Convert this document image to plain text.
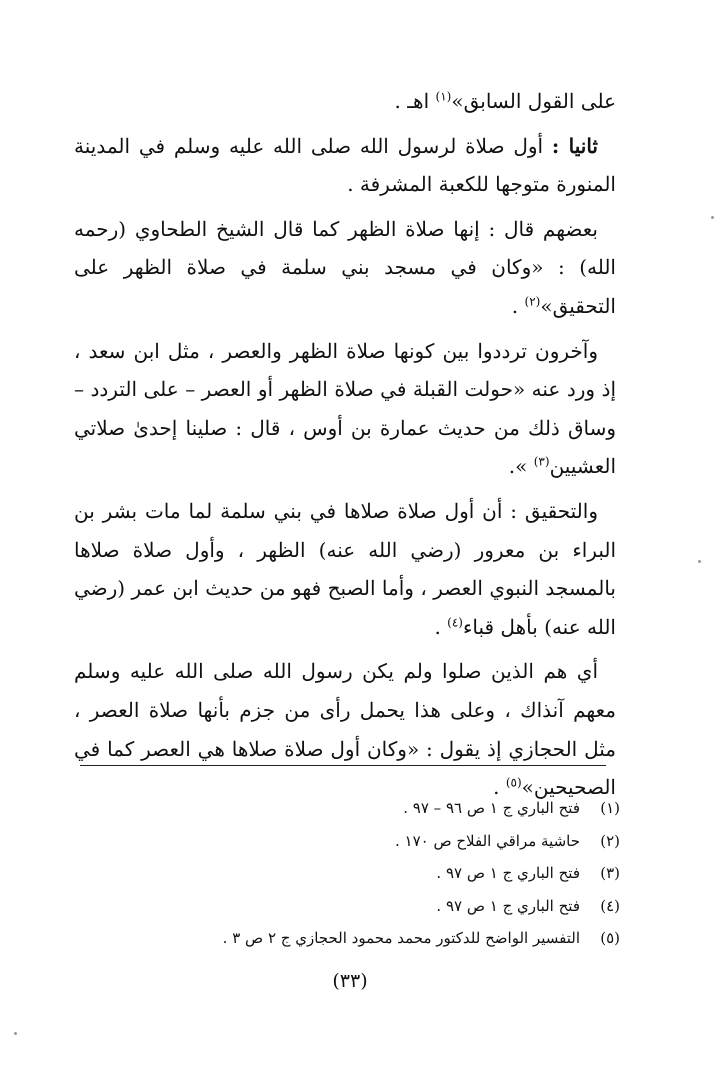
على القول السابق»$^{(١)}$ اهـ .

ثانيا : أول صلاة لرسول الله صلى الله عليه وسلم في المدينة المنورة متوجها للكعبة المشرفة .

بعضهم قال : إنها صلاة الظهر كما قال الشيخ الطحاوي (رحمه الله) : «وكان في مسجد بني سلمة في صلاة الظهر على التحقيق»$^{(٢)}$ .

وآخرون ترددوا بين كونها صلاة الظهر والعصر ، مثل ابن سعد ، إذ ورد عنه «حولت القبلة في صلاة الظهر أو العصر – على التردد – وساق ذلك من حديث عمارة بن أوس ، قال : صلينا إحدىٰ صلاتي العشيين$^{(٣)}$ ».

والتحقيق : أن أول صلاة صلاها في بني سلمة لما مات بشر بن البراء بن معرور (رضي الله عنه) الظهر ، وأول صلاة صلاها بالمسجد النبوي العصر ، وأما الصبح فهو من حديث ابن عمر (رضي الله عنه) بأهل قباء$^{(٤)}$ .

أي هم الذين صلوا ولم يكن رسول الله صلى الله عليه وسلم معهم آنذاك ، وعلى هذا يحمل رأى من جزم بأنها صلاة العصر ، مثل الحجازي إذ يقول : «وكان أول صلاة صلاها هي العصر كما في الصحيحين»$^{(٥)}$ .

(١)فتح الباري ج ١ ص ٩٦ – ٩٧ .
(٢)حاشية مراقي الفلاح ص ١٧٠ .
(٣)فتح الباري ج ١ ص ٩٧ .
(٤)فتح الباري ج ١ ص ٩٧ .
(٥)التفسير الواضح للدكتور محمد محمود الحجازي ج ٢ ص ٣ .
(٣٣)
